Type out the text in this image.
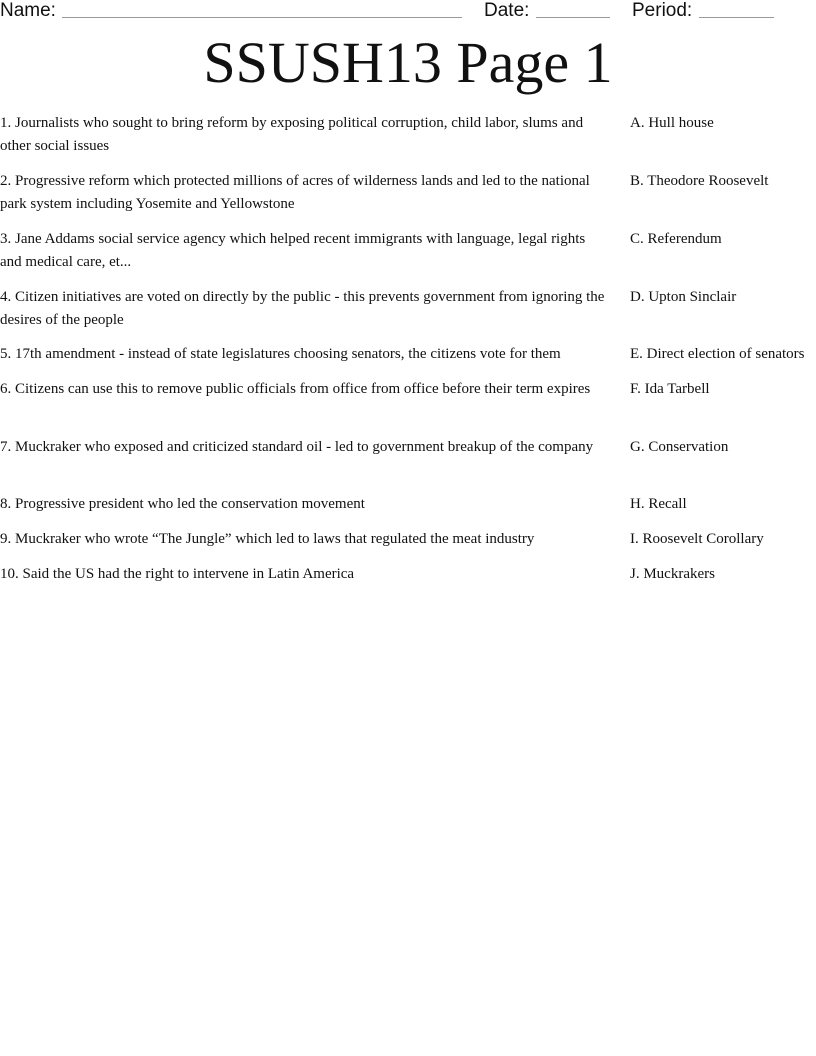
Name:	Date:	Period:
SSUSH13 Page 1
1. Journalists who sought to bring reform by exposing political corruption, child labor, slums and other social issues
2. Progressive reform which protected millions of acres of wilderness lands and led to the national park system including Yosemite and Yellowstone
3. Jane Addams social service agency which helped recent immigrants with language, legal rights and medical care, et...
4. Citizen initiatives are voted on directly by the public - this prevents government from ignoring the desires of the people
5. 17th amendment - instead of state legislatures choosing senators, the citizens vote for them
6. Citizens can use this to remove public officials from office from office before their term expires
7. Muckraker who exposed and criticized standard oil - led to government breakup of the company
8. Progressive president who led the conservation movement
9. Muckraker who wrote “The Jungle” which led to laws that regulated the meat industry
10. Said the US had the right to intervene in Latin America
A. Hull house
B. Theodore Roosevelt
C. Referendum
D. Upton Sinclair
E. Direct election of senators
F. Ida Tarbell
G. Conservation
H. Recall
I. Roosevelt Corollary
J. Muckrakers
